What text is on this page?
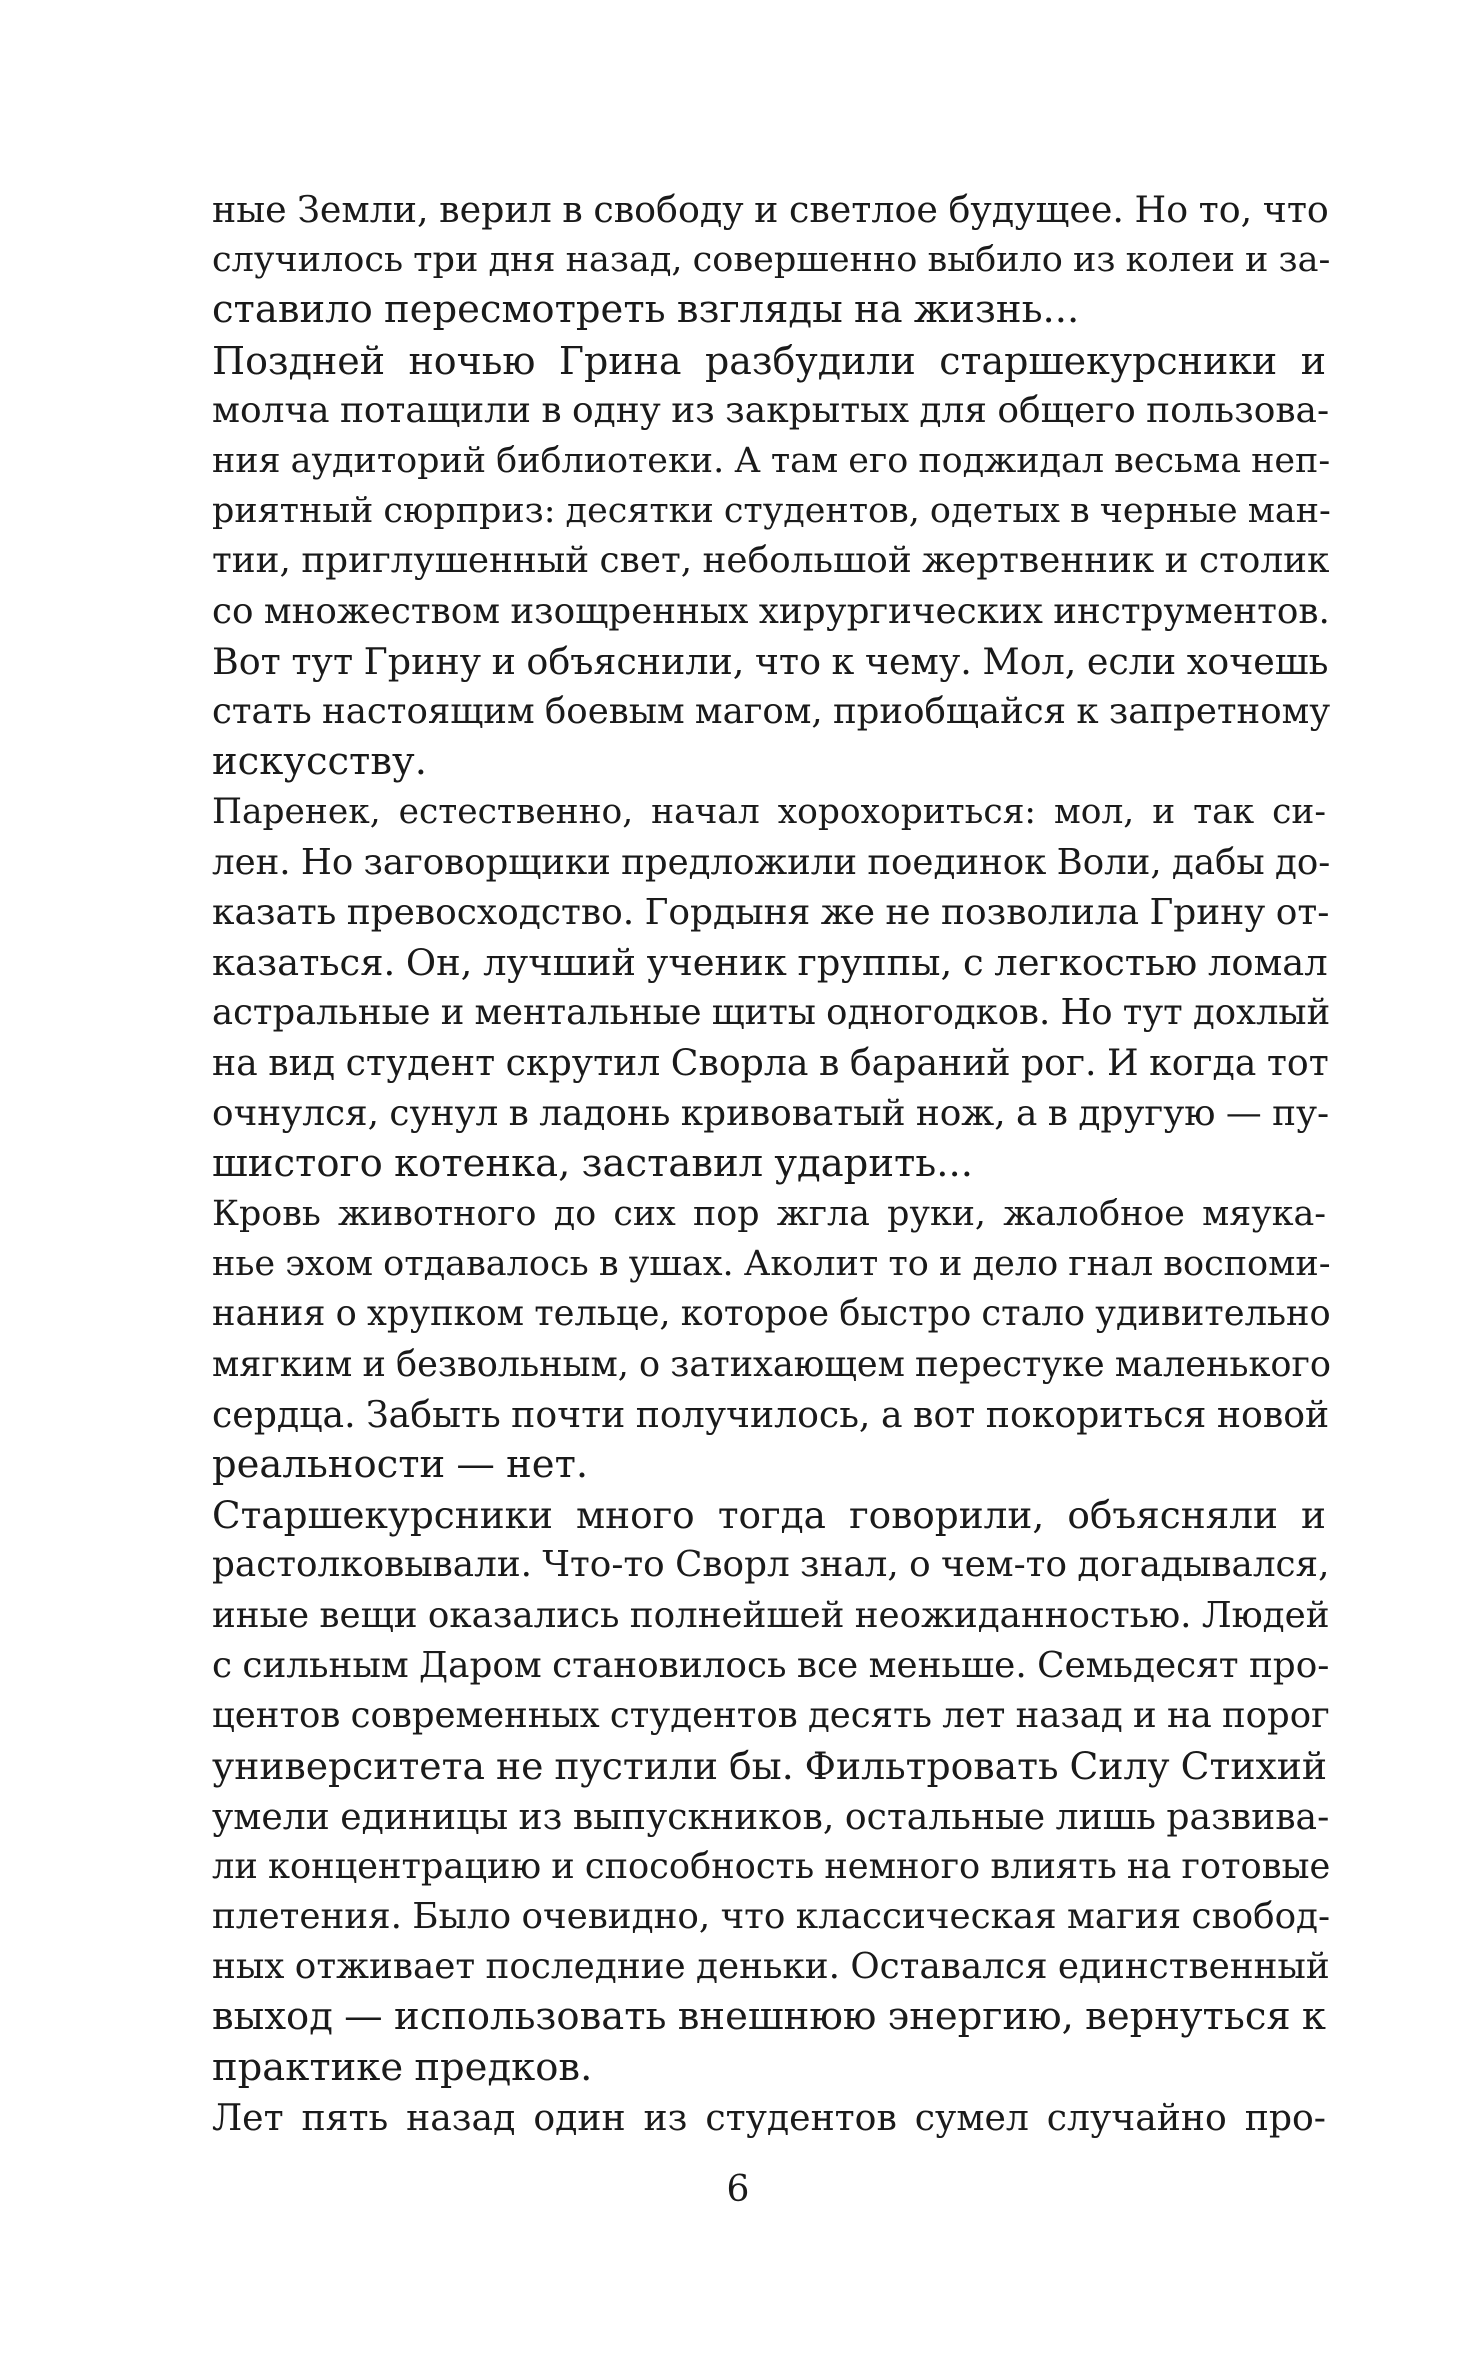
ные Земли, верил в свободу и светлое будущее. Но то, что
случилось три дня назад, совершенно выбило из колеи и за-
ставило пересмотреть взгляды на жизнь...
Поздней ночью Грина разбудили старшекурсники и
молча потащили в одну из закрытых для общего пользова-
ния аудиторий библиотеки. А там его поджидал весьма неп-
риятный сюрприз: десятки студентов, одетых в черные ман-
тии, приглушенный свет, небольшой жертвенник и столик
со множеством изощренных хирургических инструментов.
Вот тут Грину и объяснили, что к чему. Мол, если хочешь
стать настоящим боевым магом, приобщайся к запретному
искусству.
Паренек, естественно, начал хорохориться: мол, и так си-
лен. Но заговорщики предложили поединок Воли, дабы до-
казать превосходство. Гордыня же не позволила Грину от-
казаться. Он, лучший ученик группы, с легкостью ломал
астральные и ментальные щиты одногодков. Но тут дохлый
на вид студент скрутил Сворла в бараний рог. И когда тот
очнулся, сунул в ладонь кривоватый нож, а в другую — пу-
шистого котенка, заставил ударить...
Кровь животного до сих пор жгла руки, жалобное мяука-
нье эхом отдавалось в ушах. Аколит то и дело гнал воспоми-
нания о хрупком тельце, которое быстро стало удивительно
мягким и безвольным, о затихающем перестуке маленького
сердца. Забыть почти получилось, а вот покориться новой
реальности — нет.
Старшекурсники много тогда говорили, объясняли и
растолковывали. Что-то Сворл знал, о чем-то догадывался,
иные вещи оказались полнейшей неожиданностью. Людей
с сильным Даром становилось все меньше. Семьдесят про-
центов современных студентов десять лет назад и на порог
университета не пустили бы. Фильтровать Силу Стихий
умели единицы из выпускников, остальные лишь развива-
ли концентрацию и способность немного влиять на готовые
плетения. Было очевидно, что классическая магия свобод-
ных отживает последние деньки. Оставался единственный
выход — использовать внешнюю энергию, вернуться к
практике предков.
Лет пять назад один из студентов сумел случайно про-
6
